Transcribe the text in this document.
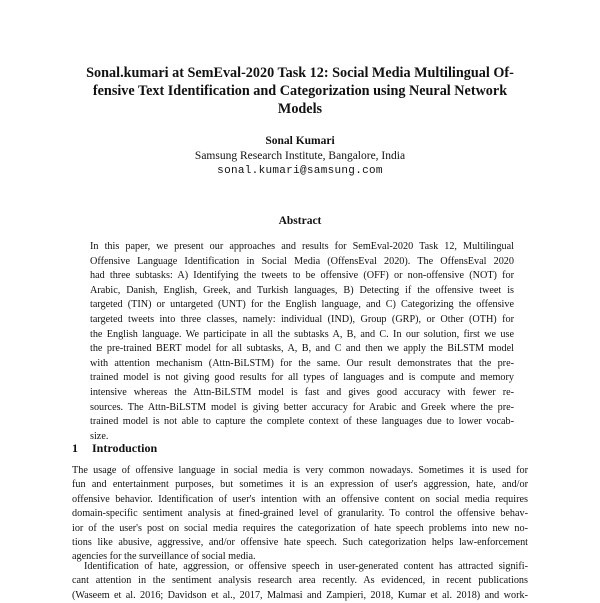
Sonal.kumari at SemEval-2020 Task 12: Social Media Multilingual Of-
fensive Text Identification and Categorization using Neural Network
Models
Sonal Kumari
Samsung Research Institute, Bangalore, India
sonal.kumari@samsung.com
Abstract
In this paper, we present our approaches and results for SemEval-2020 Task 12, Multilingual
Offensive Language Identification in Social Media (OffensEval 2020). The OffensEval 2020
had three subtasks: A) Identifying the tweets to be offensive (OFF) or non-offensive (NOT) for
Arabic, Danish, English, Greek, and Turkish languages, B) Detecting if the offensive tweet is
targeted (TIN) or untargeted (UNT) for the English language, and C) Categorizing the offensive
targeted tweets into three classes, namely: individual (IND), Group (GRP), or Other (OTH) for
the English language. We participate in all the subtasks A, B, and C. In our solution, first we use
the pre-trained BERT model for all subtasks, A, B, and C and then we apply the BiLSTM model
with attention mechanism (Attn-BiLSTM) for the same. Our result demonstrates that the pre-
trained model is not giving good results for all types of languages and is compute and memory
intensive whereas the Attn-BiLSTM model is fast and gives good accuracy with fewer re-
sources. The Attn-BiLSTM model is giving better accuracy for Arabic and Greek where the pre-
trained model is not able to capture the complete context of these languages due to lower vocab-
size.
1 Introduction
The usage of offensive language in social media is very common nowadays. Sometimes it is used for
fun and entertainment purposes, but sometimes it is an expression of user's aggression, hate, and/or
offensive behavior. Identification of user's intention with an offensive content on social media requires
domain-specific sentiment analysis at fined-grained level of granularity. To control the offensive behav-
ior of the user's post on social media requires the categorization of hate speech problems into new no-
tions like abusive, aggressive, and/or offensive hate speech. Such categorization helps law-enforcement
agencies for the surveillance of social media.
Identification of hate, aggression, or offensive speech in user-generated content has attracted signifi-
cant attention in the sentiment analysis research area recently. As evidenced, in recent publications
(Waseem et al. 2016; Davidson et al., 2017, Malmasi and Zampieri, 2018, Kumar et al. 2018) and work-
